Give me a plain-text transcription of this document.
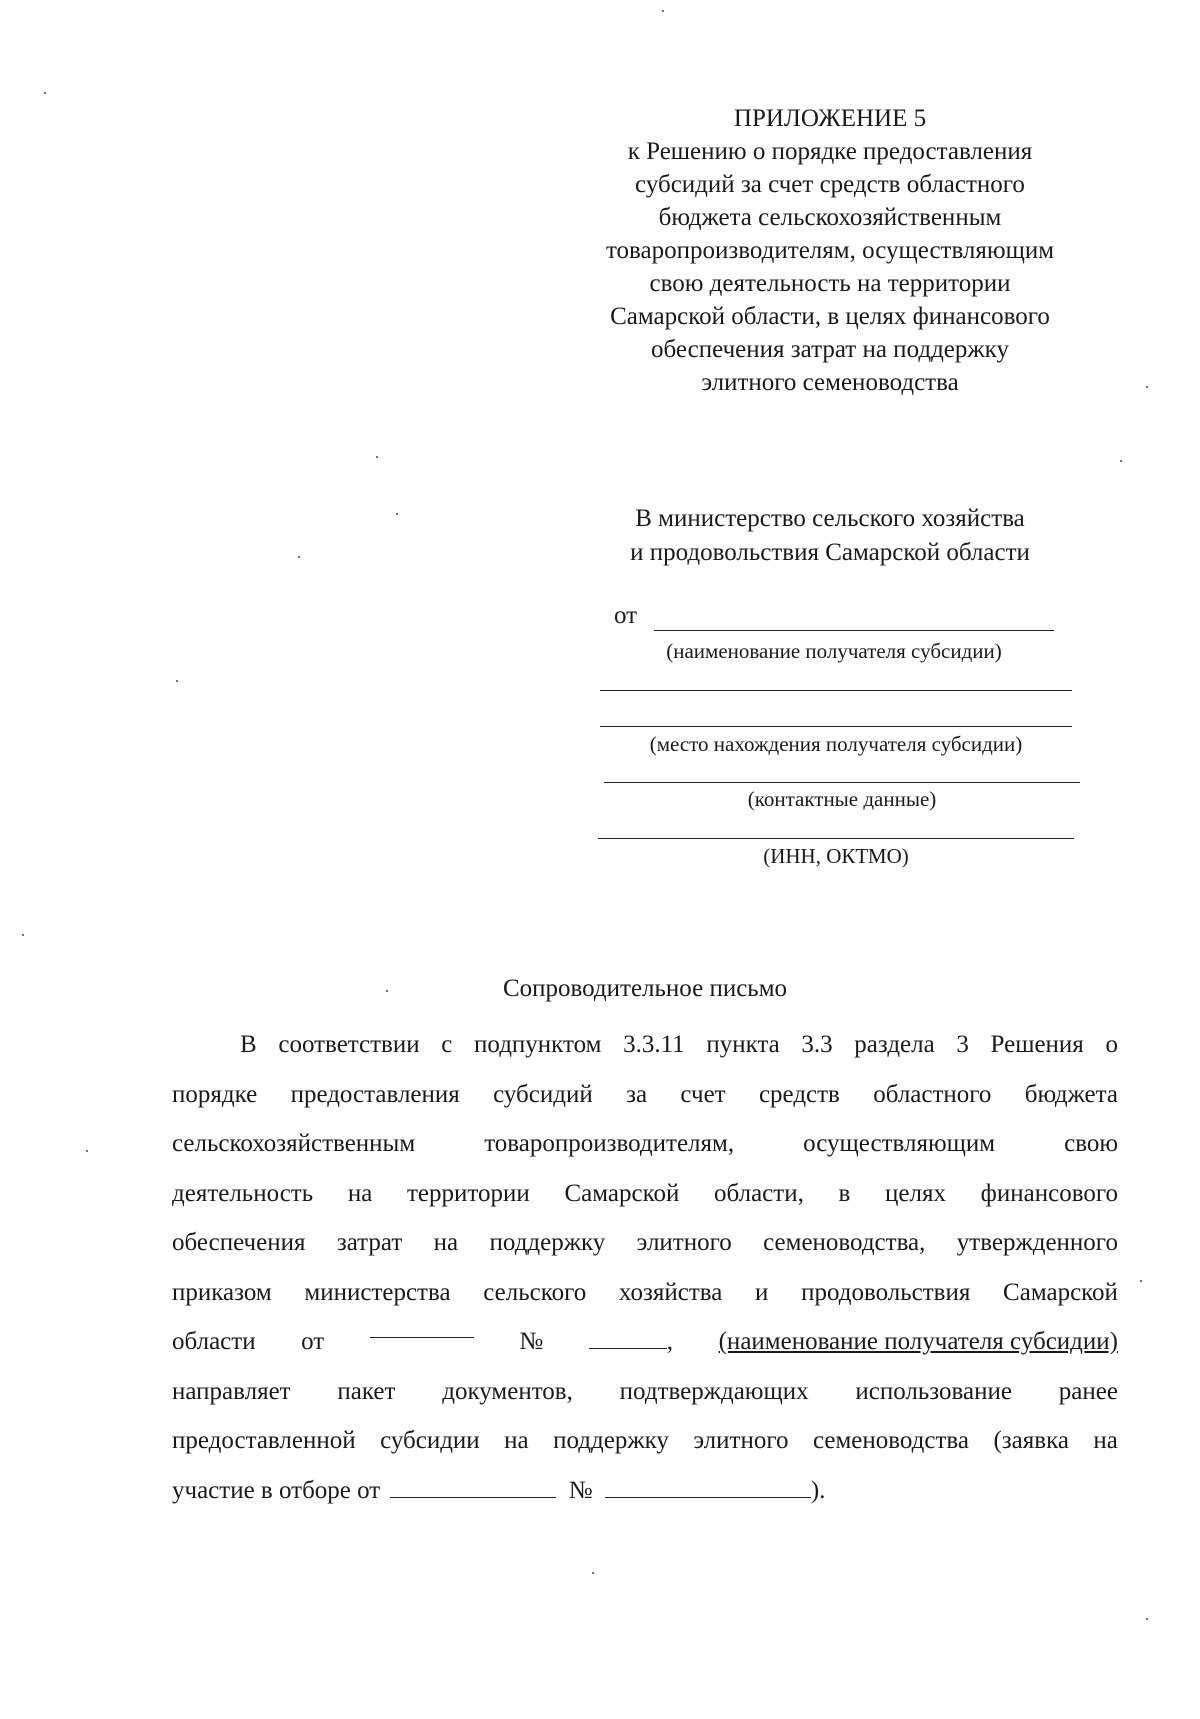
ПРИЛОЖЕНИЕ 5
к Решению о порядке предоставления
субсидий за счет средств областного
бюджета сельскохозяйственным
товаропроизводителям, осуществляющим
свою деятельность на территории
Самарской области, в целях финансового
обеспечения затрат на поддержку
элитного семеноводства
В министерство сельского хозяйства
и продовольствия Самарской области
от
(наименование получателя субсидии)
(место нахождения получателя субсидии)
(контактные данные)
(ИНН, ОКТМО)
Сопроводительное письмо
В соответствии с подпунктом 3.3.11 пункта 3.3 раздела 3 Решения о
порядке предоставления субсидий за счет средств областного бюджета
сельскохозяйственным	товаропроизводителям,	осуществляющим	свою
деятельность на территории Самарской области, в целях финансового
обеспечения затрат на поддержку элитного семеноводства, утвержденного
приказом министерства сельского хозяйства и продовольствия Самарской
области от	№	, (наименование получателя субсидии)
направляет пакет документов, подтверждающих использование ранее
предоставленной субсидии на поддержку элитного семеноводства (заявка на
участие в отборе от	№	).
